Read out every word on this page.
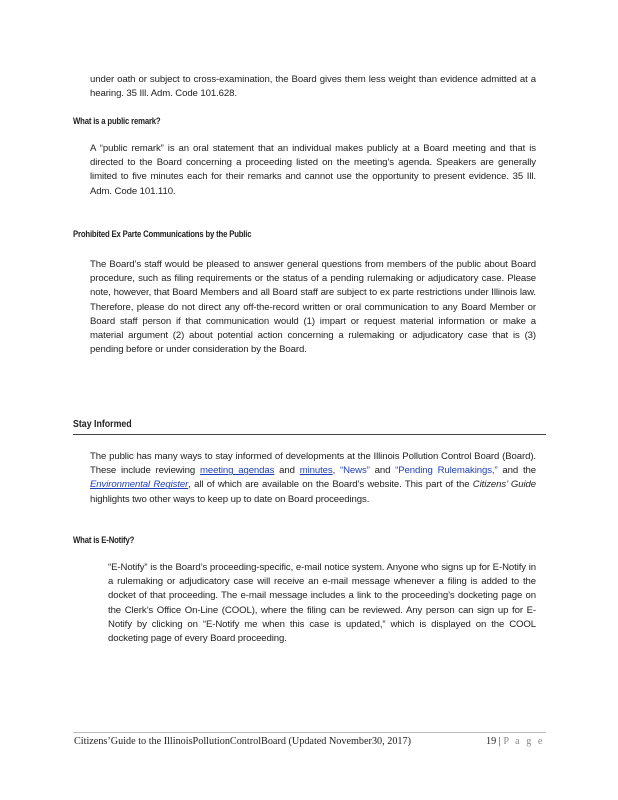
under oath or subject to cross-examination, the Board gives them less weight than evidence admitted at a hearing. 35 Ill. Adm. Code 101.628.

What is a public remark?

A “public remark” is an oral statement that an individual makes publicly at a Board meeting and that is directed to the Board concerning a proceeding listed on the meeting’s agenda. Speakers are generally limited to five minutes each for their remarks and cannot use the opportunity to present evidence. 35 Ill. Adm. Code 101.110.

Prohibited Ex Parte Communications by the Public

The Board’s staff would be pleased to answer general questions from members of the public about Board procedure, such as filing requirements or the status of a pending rulemaking or adjudicatory case. Please note, however, that Board Members and all Board staff are subject to ex parte restrictions under Illinois law. Therefore, please do not direct any off-the-record written or oral communication to any Board Member or Board staff person if that communication would (1) impart or request material information or make a material argument (2) about potential action concerning a rulemaking or adjudicatory case that is (3) pending before or under consideration by the Board.

Stay Informed

The public has many ways to stay informed of developments at the Illinois Pollution Control Board (Board). These include reviewing meeting agendas and minutes, “News” and “Pending Rulemakings,” and the Environmental Register, all of which are available on the Board’s website. This part of the Citizens’ Guide highlights two other ways to keep up to date on Board proceedings.

What is E-Notify?

“E-Notify” is the Board’s proceeding-specific, e-mail notice system. Anyone who signs up for E-Notify in a rulemaking or adjudicatory case will receive an e-mail message whenever a filing is added to the docket of that proceeding. The e-mail message includes a link to the proceeding’s docketing page on the Clerk’s Office On-Line (COOL), where the filing can be reviewed. Any person can sign up for E-Notify by clicking on “E-Notify me when this case is updated,” which is displayed on the COOL docketing page of every Board proceeding.

Citizens’Guide to the IllinoisPollutionControlBoard (Updated November30, 2017)	19 | P a g e
